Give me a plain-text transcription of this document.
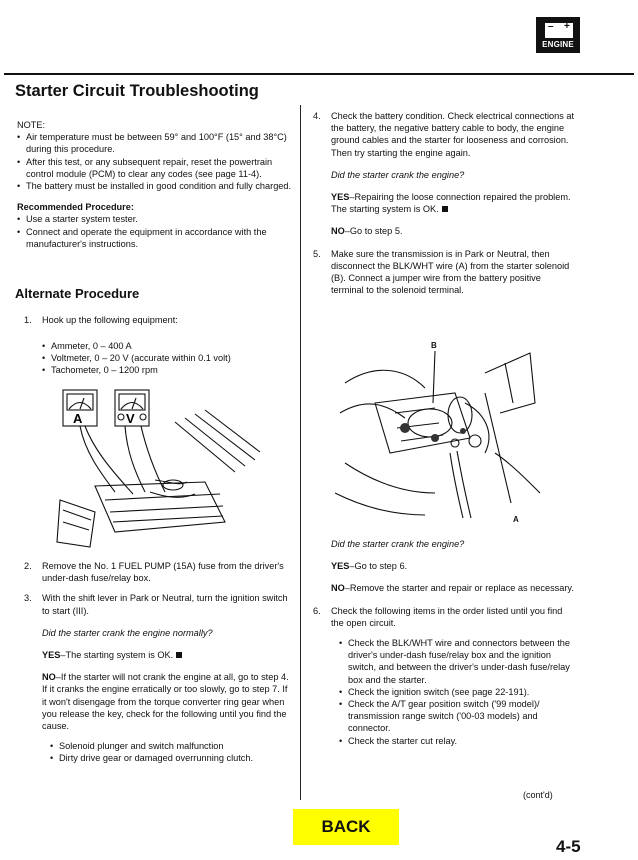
– +
ENGINE
Starter Circuit Troubleshooting

NOTE:

• Air temperature must be between 59° and 100°F (15° and 38°C) during this procedure.

• After this test, or any subsequent repair, reset the powertrain control module (PCM) to clear any codes (see page 11-4).

• The battery must be installed in good condition and fully charged.

Recommended Procedure:

• Use a starter system tester.

• Connect and operate the equipment in accordance with the manufacturer's instructions.

Alternate Procedure

1. Hook up the following equipment:

• Ammeter, 0 – 400 A

• Voltmeter, 0 – 20 V (accurate within 0.1 volt)

• Tachometer, 0 – 1200 rpm

A	V

2. Remove the No. 1 FUEL PUMP (15A) fuse from the driver's under-dash fuse/relay box.

3. With the shift lever in Park or Neutral, turn the ignition switch to start (III).

Did the starter crank the engine normally?

YES–The starting system is OK.

NO–If the starter will not crank the engine at all, go to step 4. If it cranks the engine erratically or too slowly, go to step 7. If it won't disengage from the torque converter ring gear when you release the key, check for the following until you find the cause.

• Solenoid plunger and switch malfunction

• Dirty drive gear or damaged overrunning clutch.

4. Check the battery condition. Check electrical connections at the battery, the negative battery cable to body, the engine ground cables and the starter for looseness and corrosion. Then try starting the engine again.

Did the starter crank the engine?

YES–Repairing the loose connection repaired the problem. The starting system is OK.

NO–Go to step 5.

5. Make sure the transmission is in Park or Neutral, then disconnect the BLK/WHT wire (A) from the starter solenoid (B). Connect a jumper wire from the battery positive terminal to the solenoid terminal.

B
A

Did the starter crank the engine?

YES–Go to step 6.

NO–Remove the starter and repair or replace as necessary.

6. Check the following items in the order listed until you find the open circuit.

• Check the BLK/WHT wire and connectors between the driver's under-dash fuse/relay box and the ignition switch, and between the driver's under-dash fuse/relay box and the starter.

• Check the ignition switch (see page 22-191).

• Check the A/T gear position switch ('99 model)/ transmission range switch ('00-03 models) and connector.

• Check the starter cut relay.

(cont'd)
BACK
4-5
